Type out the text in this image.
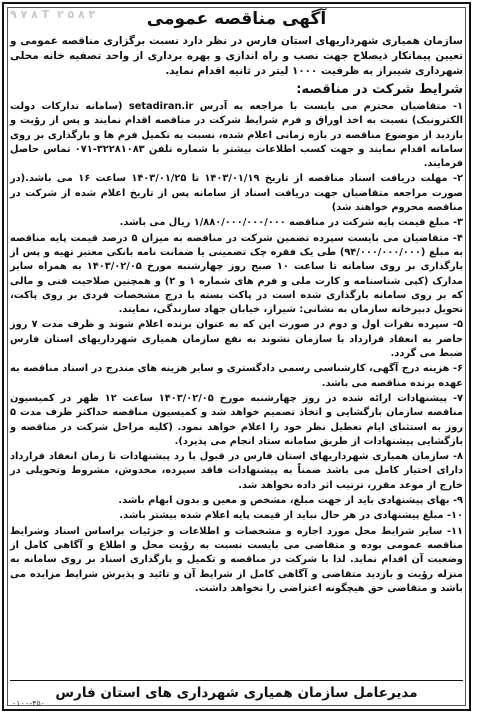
۹ ۷ ۸ T ۲ ۵ ۸ ۳	آگهی مناقصه عمومی

سازمان همیاری شهرداریهای استان فارس در نظر دارد نسبت برگزاری مناقصه عمومی و تعیین پیمانکار ذیصلاح جهت نصب و راه اندازی و بهره برداری از واحد تصفیه خانه محلی شهرداری شیبراز به ظرفیت ۱۰۰۰ لیتر در ثانیه اقدام نماید.

شرایط شرکت در مناقصه:

۱- متقاضیان محترم می بایست با مراجعه به آدرس setadiran.ir (سامانه تدارکات دولت الکترونیک) نسبت به اخذ اوراق و فرم شرایط شرکت در مناقصه اقدام نمایند و پس از رؤیت و بازدید از موضوع مناقصه در بازه زمانی اعلام شده، نسبت به تکمیل فرم ها و بارگذاری بر روی سامانه اقدام نمایند و جهت کسب اطلاعات بیشتر با شماره تلفن ۳۲۲۸۱۰۸۳-۰۷۱ تماس حاصل فرمایند.

۲- مهلت دریافت اسناد مناقصه از تاریخ ۱۴۰۳/۰۱/۱۹ تا ۱۴۰۳/۰۱/۲۵ ساعت ۱۶ می باشد.(در صورت مراجعه متقاضیان جهت دریافت اسناد از سامانه پس از تاریخ اعلام شده از شرکت در مناقصه محروم خواهند شد)

۳- مبلغ قیمت پایه شرکت در مناقصه ۱/۸۸۰/۰۰۰/۰۰۰/۰۰۰ ریال می باشد.

۴- متقاضیان می بایست سپرده تضمین شرکت در مناقصه به میزان ۵ درصد قیمت پایه مناقصه به مبلغ (۹۴/۰۰۰/۰۰۰/۰۰۰) طی یک فقره چک تضمینی یا ضمانت نامه بانکی معتبر تهیه و پس از بارگذاری بر روی سامانه تا ساعت ۱۰ صبح روز چهارشنبه مورخ ۱۴۰۳/۰۲/۰۵ به همراه سایر مدارک (کپی شناسنامه و کارت ملی و فرم های شماره ۱ و ۲) و همچنین صلاحیت فنی و مالی که بر روی سامانه بارگذاری شده است در پاکت بسته با درج مشخصات فردی بر روی پاکت، تحویل دبیرخانه سازمان به نشانی: شیراز، خیابان جهاد سازندگی، نمایند.

۵- سپرده نفرات اول و دوم در صورت این که به عنوان برنده اعلام شوند و ظرف مدت ۷ روز حاضر به انعقاد قرارداد با سازمان نشوند به نفع سازمان همیاری شهرداریهای استان فارس ضبط می گردد.

۶- هزینه درج آگهی، کارشناسی رسمی دادگستری و سایر هزینه های مندرج در اسناد مناقصه به عهده برنده مناقصه می باشد.

۷- پیشنهادات ارائه شده در روز چهارشنبه مورخ ۱۴۰۳/۰۲/۰۵ ساعت ۱۲ ظهر در کمیسیون مناقصه سازمان بازگشایی و اتخاذ تصمیم خواهد شد و کمیسیون مناقصه حداکثر ظرف مدت ۵ روز به استثنای ایام تعطیل نظر خود را اعلام خواهد نمود. (کلیه مراحل شرکت در مناقصه و بازگشایی پیشنهادات از طریق سامانه ستاد انجام می پذیرد).

۸- سازمان همیاری شهرداریهای استان فارس در قبول یا رد پیشنهادات تا زمان انعقاد قرارداد دارای اختیار کامل می باشد ضمناً به پیشنهادات فاقد سپرده، مخدوش، مشروط وتحویلی در خارج از موعد مقرر، ترتیب اثر داده نخواهد شد.

۹- بهای پیشنهادی باید از جهت مبلغ، مشخص و معین و بدون ابهام باشد.

۱۰- مبلغ پیشنهادی در هر حال نباید از قیمت پایه اعلام شده بیشتر باشد.

۱۱- سایر شرایط محل مورد اجاره و مشخصات و اطلاعات و جزئیات براساس اسناد وشرایط مناقصه عمومی بوده و متقاضی می بایست نسبت به رؤیت محل و اطلاع و آگاهی کامل از وضعیت آن اقدام نماید. لذا با شرکت در مناقصه و تکمیل و بارگذاری اسناد بر روی سامانه به منزله رؤیت و بازدید متقاضی و آگاهی کامل از شرایط آن و تائید و پذیرش شرایط مزایده می باشد و متقاضی حق هیچگونه اعتراضی را نخواهد داشت.

مدیرعامل سازمان همیاری شهرداری های استان فارس
۰۱۰۰-۴۵۰
